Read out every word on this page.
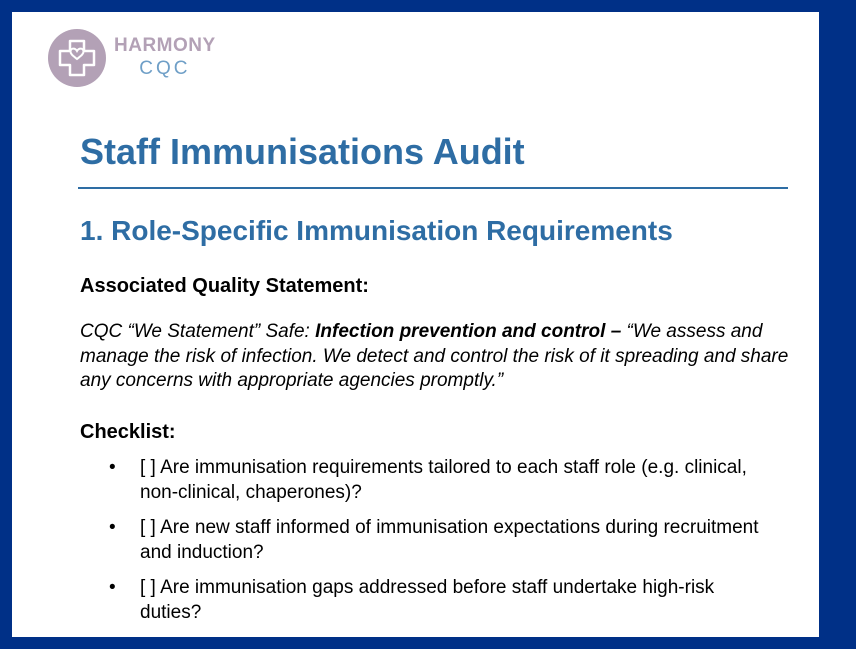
HARMONY
CQC
Staff Immunisations Audit
1. Role-Specific Immunisation Requirements

Associated Quality Statement:

CQC “We Statement” Safe: Infection prevention and control – “We assess and manage the risk of infection. We detect and control the risk of it spreading and share any concerns with appropriate agencies promptly.”

Checklist:

• [ ] Are immunisation requirements tailored to each staff role (e.g. clinical, non-clinical, chaperones)?
• [ ] Are new staff informed of immunisation expectations during recruitment and induction?
• [ ] Are immunisation gaps addressed before staff undertake high-risk duties?
